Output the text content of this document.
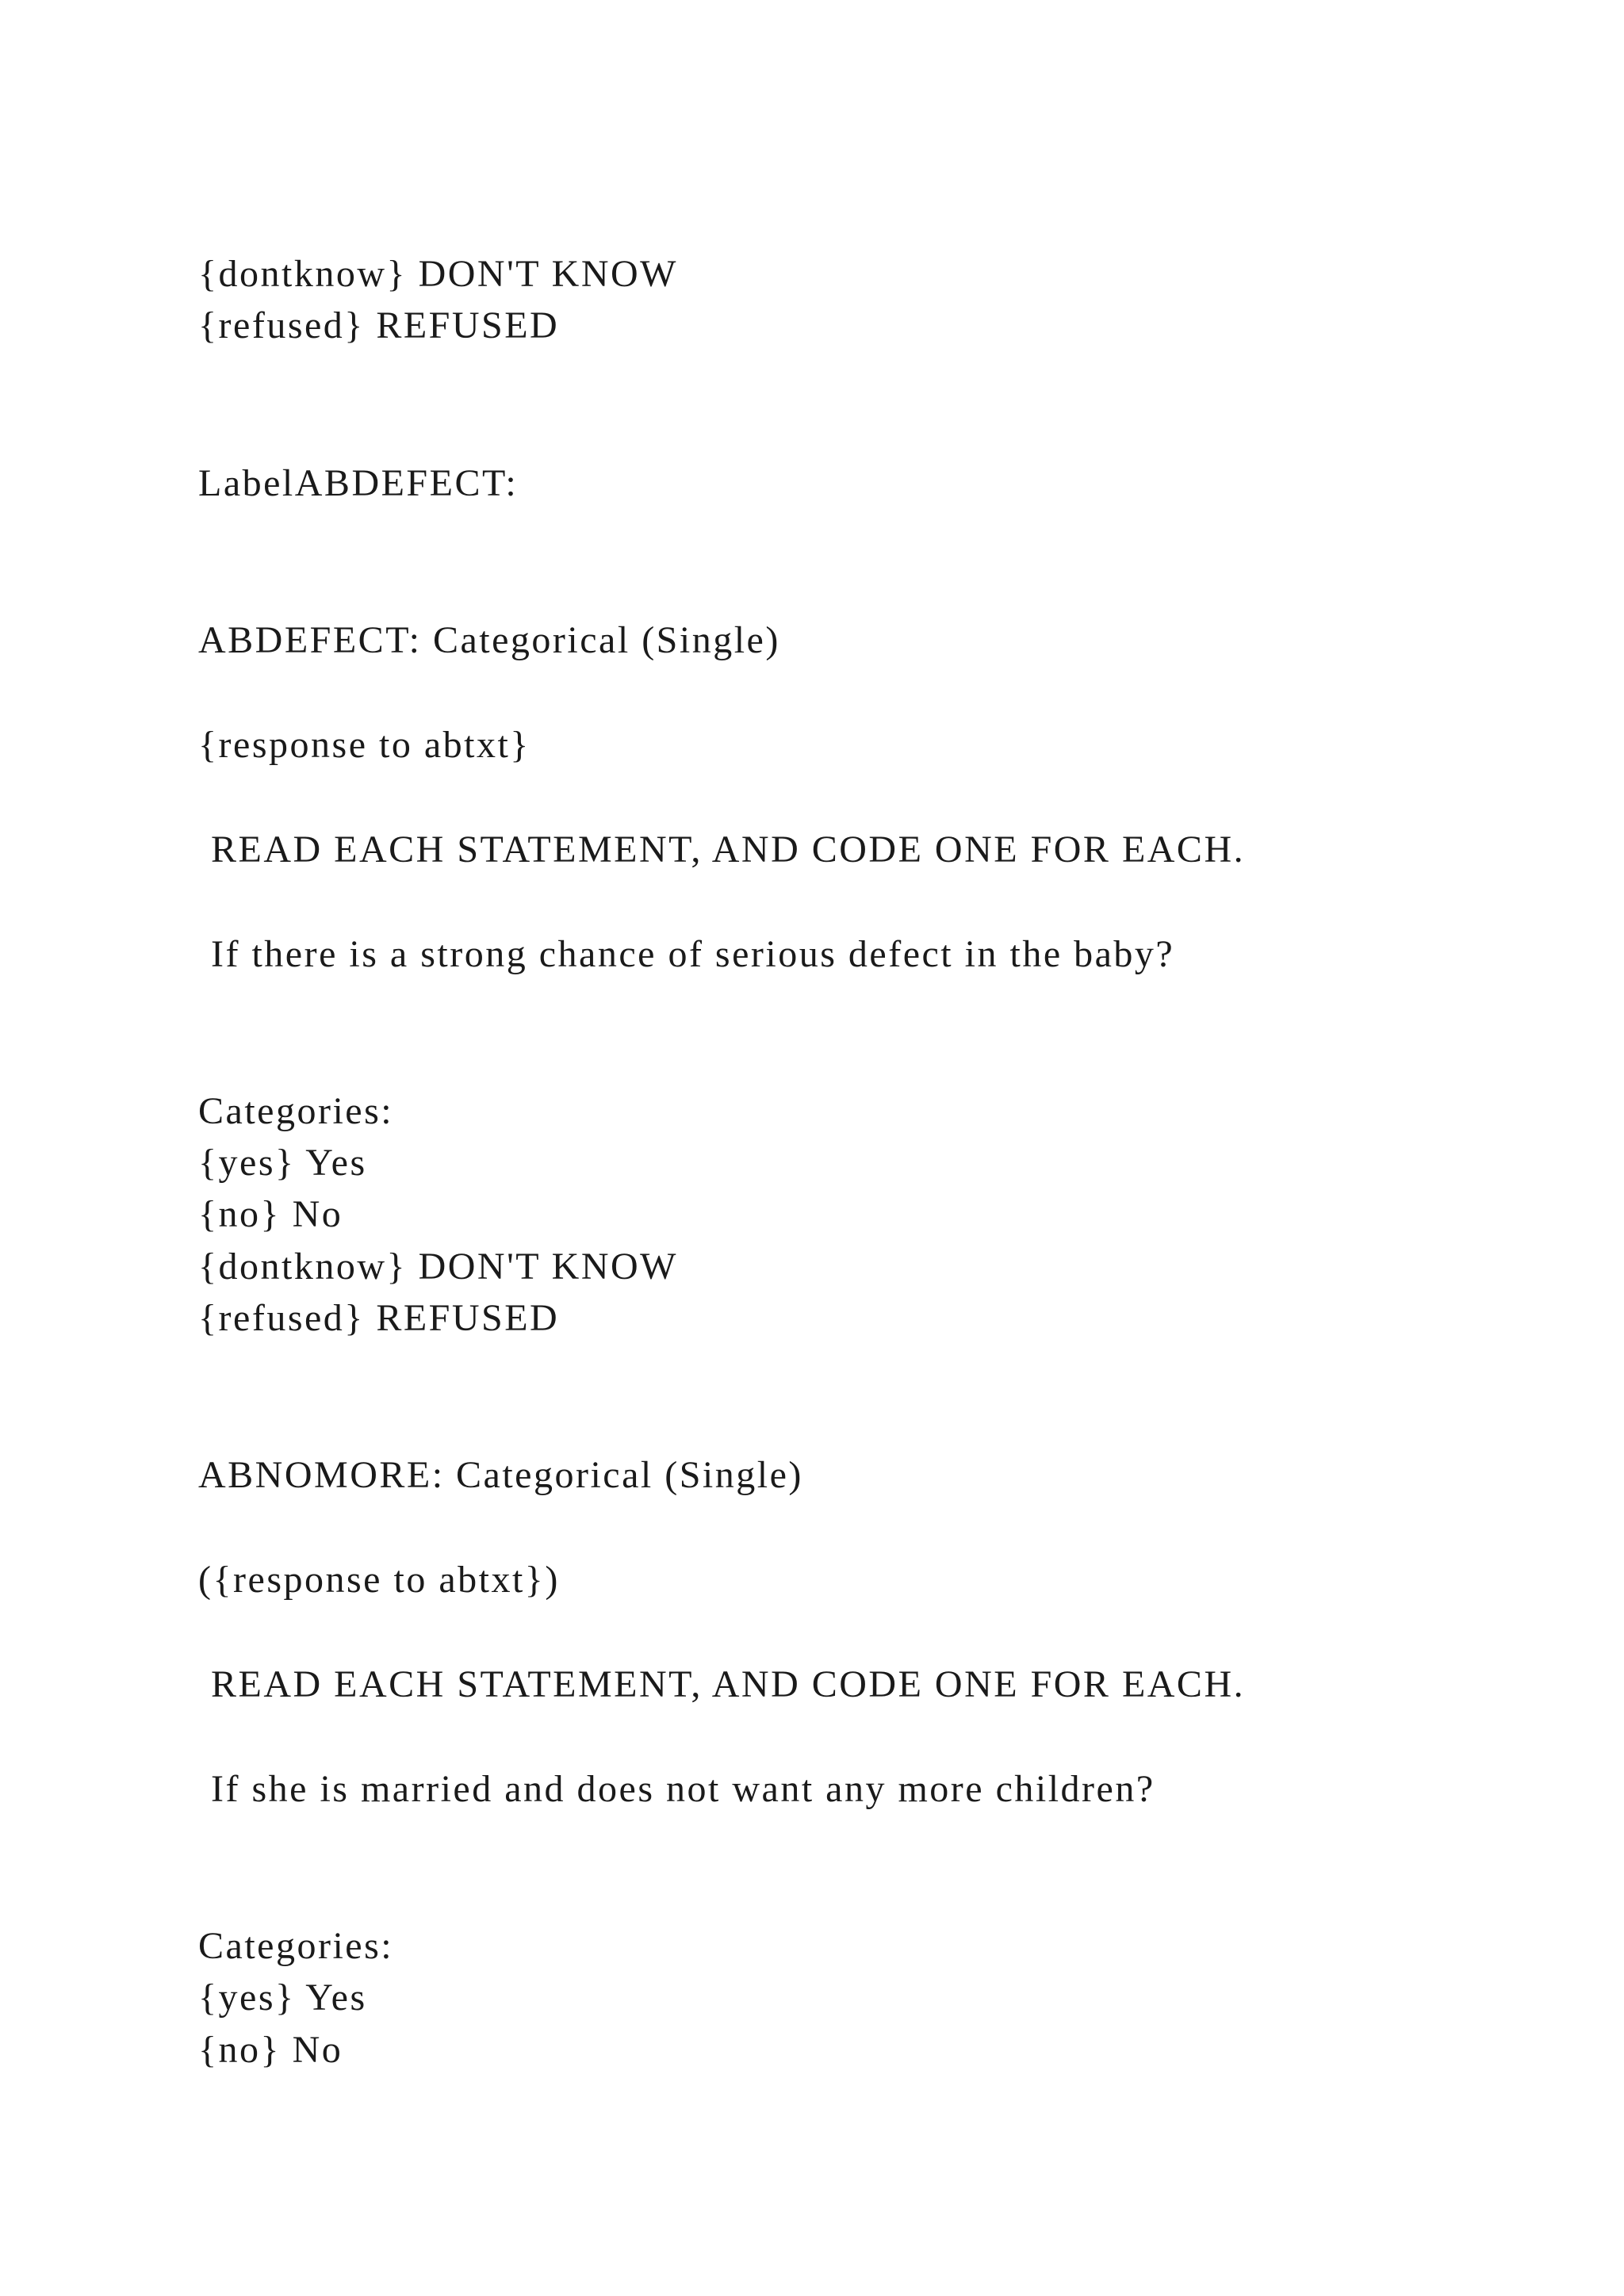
{dontknow} DON'T KNOW
{refused} REFUSED
LabelABDEFECT:
ABDEFECT: Categorical (Single)
{response to abtxt}
READ EACH STATEMENT, AND CODE ONE FOR EACH.
If there is a strong chance of serious defect in the baby?
Categories:
{yes} Yes
{no} No
{dontknow} DON'T KNOW
{refused} REFUSED
ABNOMORE: Categorical (Single)
({response to abtxt})
READ EACH STATEMENT, AND CODE ONE FOR EACH.
If she is married and does not want any more children?
Categories:
{yes} Yes
{no} No
